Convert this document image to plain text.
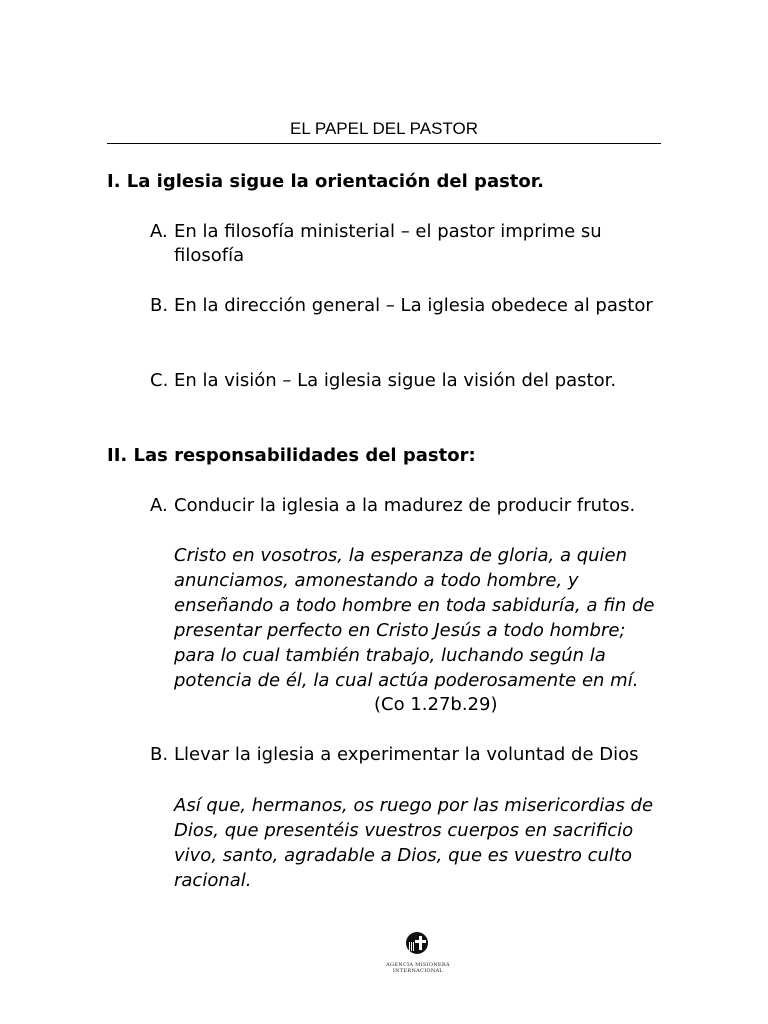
EL PAPEL DEL PASTOR
I. La iglesia sigue la orientación del pastor.
A. En la filosofía ministerial – el pastor imprime su
filosofía
B. En la dirección general – La iglesia obedece al pastor
C. En la visión – La iglesia sigue la visión del pastor.
II. Las responsabilidades del pastor:
A. Conducir la iglesia a la madurez de producir frutos.
Cristo en vosotros, la esperanza de gloria, a quien
anunciamos, amonestando a todo hombre, y
enseñando a todo hombre en toda sabiduría, a fin de
presentar perfecto en Cristo Jesús a todo hombre;
para lo cual también trabajo, luchando según la
potencia de él, la cual actúa poderosamente en mí.
(Co 1.27b.29)
B. Llevar la iglesia a experimentar la voluntad de Dios
Así que, hermanos, os ruego por las misericordias de
Dios, que presentéis vuestros cuerpos en sacrificio
vivo, santo, agradable a Dios, que es vuestro culto
racional.
AGENCIA MISIONERA INTERNACIONAL
